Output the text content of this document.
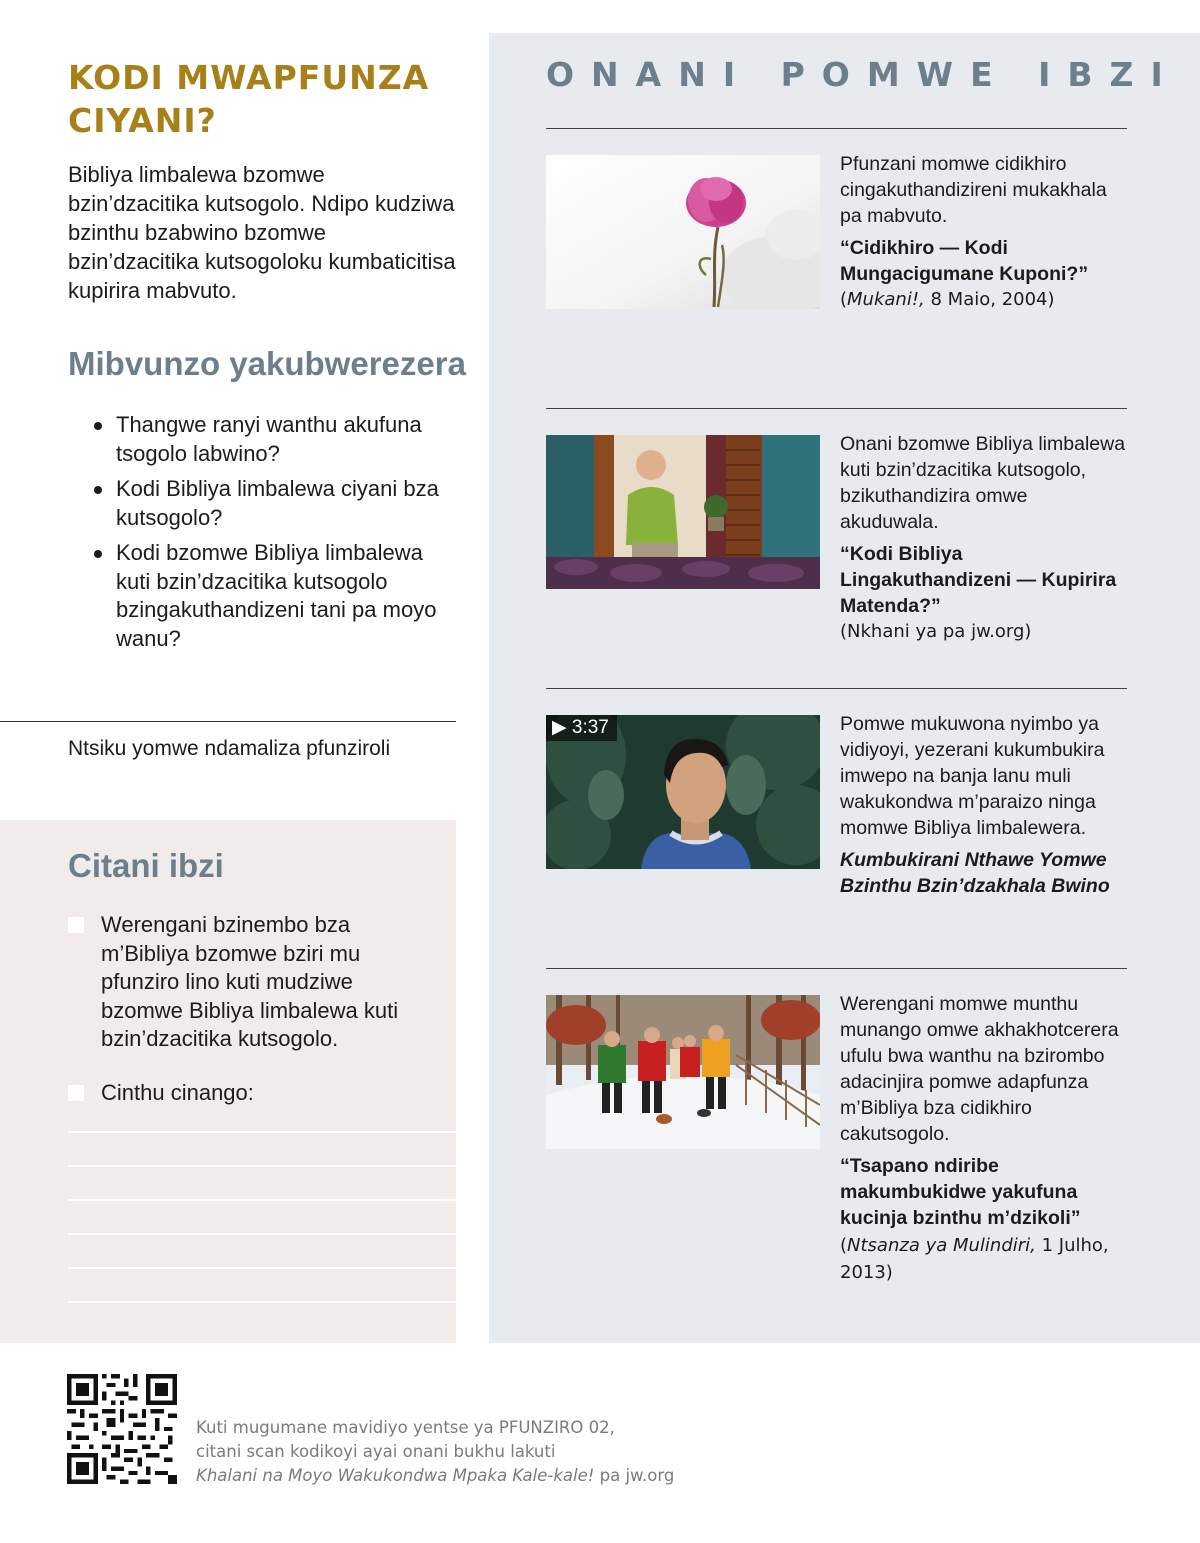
KODI MWAPFUNZA CIYANI?

Bibliya limbalewa bzomwe bzin’dzacitika kutsogolo. Ndipo kudziwa bzinthu bzabwino bzomwe bzin’dzacitika kutsogoloku kumbaticitisa kupirira mabvuto.

Mibvunzo yakubwerezera
Thangwe ranyi wanthu akufuna tsogolo labwino?
Kodi Bibliya limbalewa ciyani bza kutsogolo?
Kodi bzomwe Bibliya limbalewa kuti bzin’dzacitika kutsogolo bzingakuthandizeni tani pa moyo wanu?
Ntsiku yomwe ndamaliza pfunziroli
Citani ibzi
Werengani bzinembo bza m’Bibliya bzomwe bziri mu pfunziro lino kuti mudziwe bzomwe Bibliya limbalewa kuti bzin’dzacitika kutsogolo.
Cinthu cinango:
ONANI POMWE IBZI

Pfunzani momwe cidikhiro cingakuthandizireni mukakhala pa mabvuto.

“Cidikhiro — Kodi Mungacigumane Kuponi?”

(Mukani!, 8 Maio, 2004)

Onani bzomwe Bibliya limbalewa kuti bzin’dzacitika kutsogolo, bzikuthandizira omwe akuduwala.

“Kodi Bibliya Lingakuthandizeni — Kupirira Matenda?”

(Nkhani ya pa jw.org)
▶ 3:37	Pomwe mukuwona nyimbo ya vidiyoyi, yezerani kukumbukira imwepo na banja lanu muli wakukondwa m’paraizo ninga momwe Bibliya limbalewera.

Kumbukirani Nthawe Yomwe Bzinthu Bzin’dzakhala Bwino

Werengani momwe munthu munango omwe akhakhotcerera ufulu bwa wanthu na bzirombo adacinjira pomwe adapfunza m’Bibliya bza cidikhiro cakutsogolo.

“Tsapano ndiribe makumbukidwe yakufuna kucinja bzinthu m’dzikoli” (Ntsanza ya Mulindiri, 1 Julho, 2013)

Kuti mugumane mavidiyo yentse ya PFUNZIRO 02,
citani scan kodikoyi ayai onani bukhu lakuti
Khalani na Moyo Wakukondwa Mpaka Kale-kale! pa jw.org
